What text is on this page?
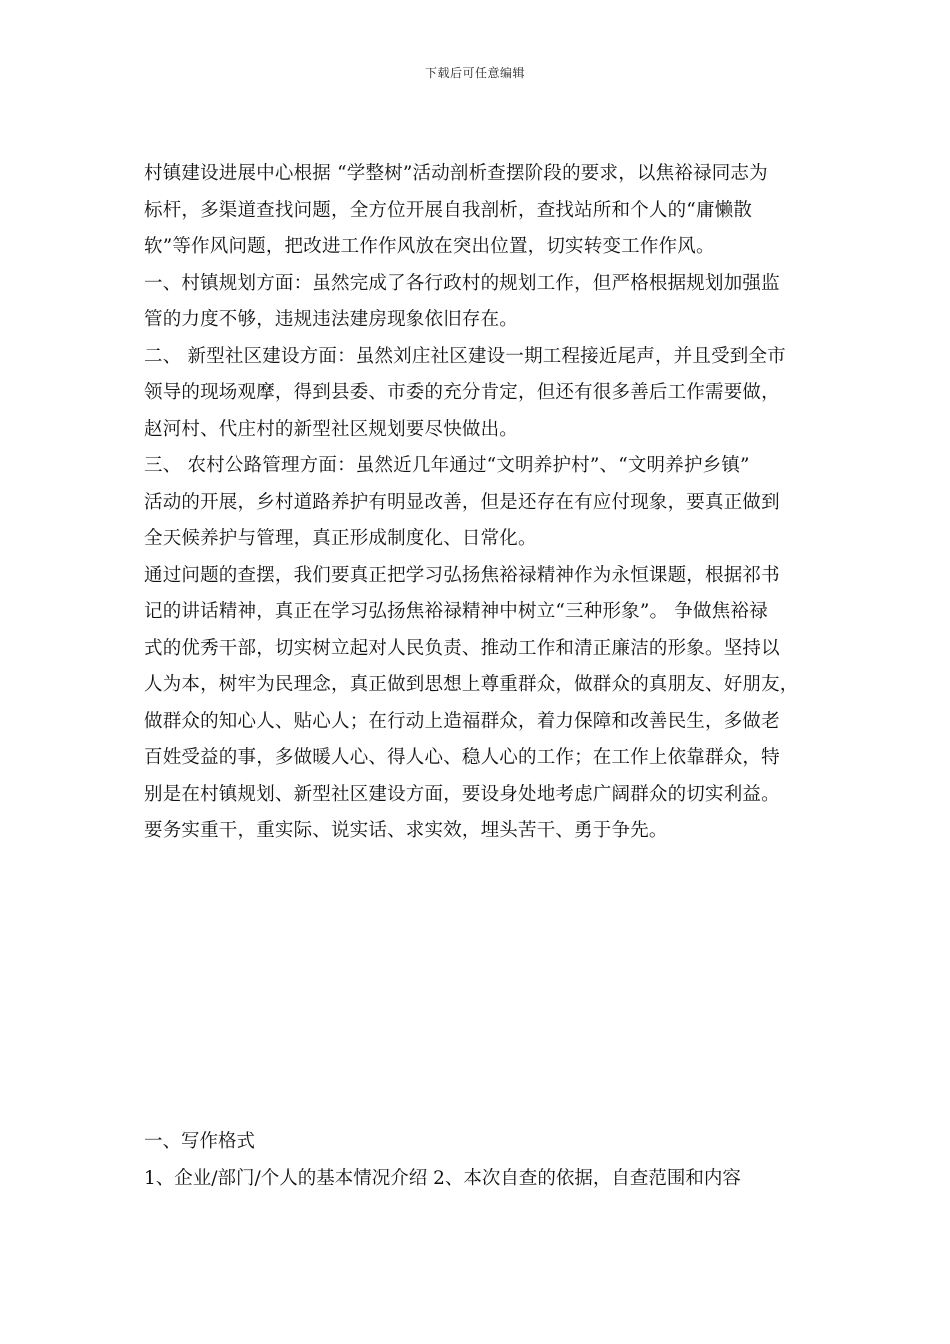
下载后可任意编辑
村镇建设进展中心根据 “学整树”活动剖析查摆阶段的要求，以焦裕禄同志为
标杆，多渠道查找问题，全方位开展自我剖析，查找站所和个人的“庸懒散
软”等作风问题，把改进工作作风放在突出位置，切实转变工作作风。
一、村镇规划方面：虽然完成了各行政村的规划工作，但严格根据规划加强监
管的力度不够，违规违法建房现象依旧存在。
二、 新型社区建设方面：虽然刘庄社区建设一期工程接近尾声，并且受到全市
领导的现场观摩，得到县委、市委的充分肯定，但还有很多善后工作需要做，
赵河村、代庄村的新型社区规划要尽快做出。
三、 农村公路管理方面：虽然近几年通过“文明养护村”、“文明养护乡镇”
活动的开展，乡村道路养护有明显改善，但是还存在有应付现象，要真正做到
全天候养护与管理，真正形成制度化、日常化。
通过问题的查摆，我们要真正把学习弘扬焦裕禄精神作为永恒课题，根据祁书
记的讲话精神，真正在学习弘扬焦裕禄精神中树立“三种形象”。 争做焦裕禄
式的优秀干部，切实树立起对人民负责、推动工作和清正廉洁的形象。坚持以
人为本，树牢为民理念，真正做到思想上尊重群众，做群众的真朋友、好朋友，
做群众的知心人、贴心人；在行动上造福群众，着力保障和改善民生，多做老
百姓受益的事，多做暖人心、得人心、稳人心的工作；在工作上依靠群众，特
别是在村镇规划、新型社区建设方面，要设身处地考虑广阔群众的切实利益。
要务实重干，重实际、说实话、求实效，埋头苦干、勇于争先。
一、写作格式
1、企业/部门/个人的基本情况介绍 2、本次自查的依据，自查范围和内容
